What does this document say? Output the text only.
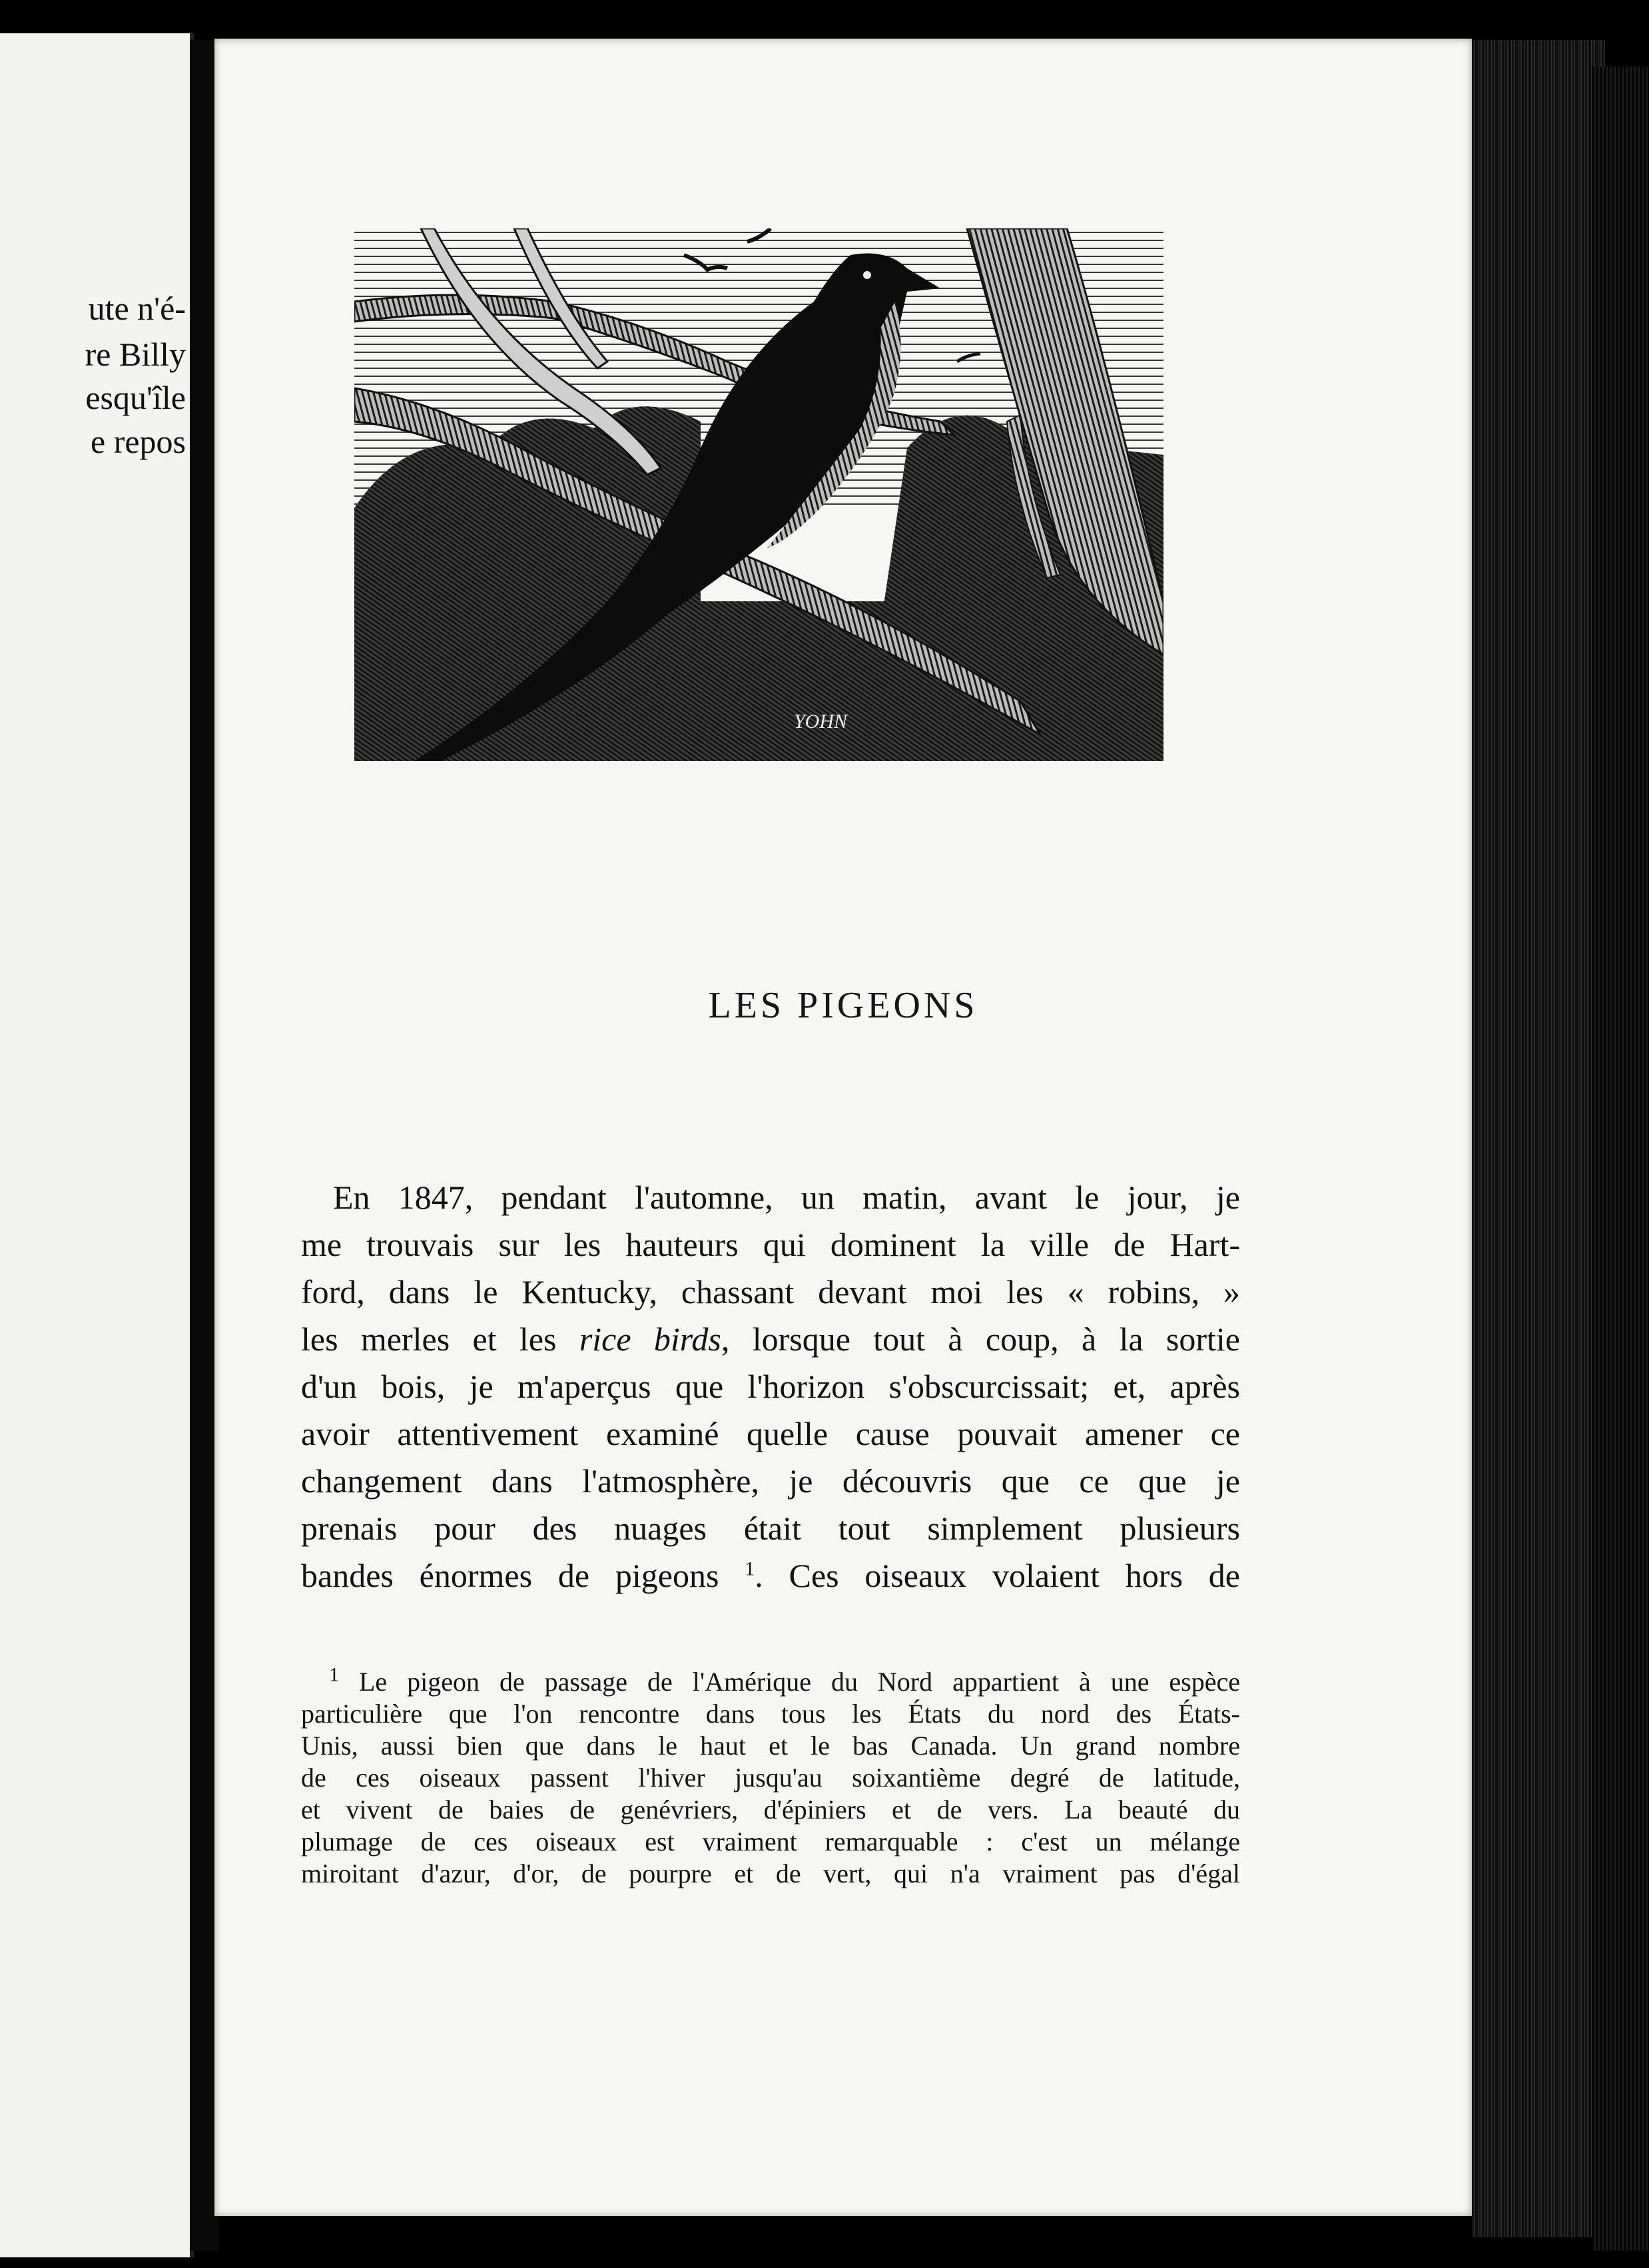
ute n'é-
re Billy
esqu'île
e repos
YOHN
LES PIGEONS
En 1847, pendant l'automne, un matin, avant le jour, je
me trouvais sur les hauteurs qui dominent la ville de Hart-
ford, dans le Kentucky, chassant devant moi les « robins, »
les merles et les rice birds, lorsque tout à coup, à la sortie
d'un bois, je m'aperçus que l'horizon s'obscurcissait; et, après
avoir attentivement examiné quelle cause pouvait amener ce
changement dans l'atmosphère, je découvris que ce que je
prenais pour des nuages était tout simplement plusieurs
bandes énormes de pigeons $^1$. Ces oiseaux volaient hors de
$^1$ Le pigeon de passage de l'Amérique du Nord appartient à une espèce
particulière que l'on rencontre dans tous les États du nord des États-
Unis, aussi bien que dans le haut et le bas Canada. Un grand nombre
de ces oiseaux passent l'hiver jusqu'au soixantième degré de latitude,
et vivent de baies de genévriers, d'épiniers et de vers. La beauté du
plumage de ces oiseaux est vraiment remarquable : c'est un mélange
miroitant d'azur, d'or, de pourpre et de vert, qui n'a vraiment pas d'égal
